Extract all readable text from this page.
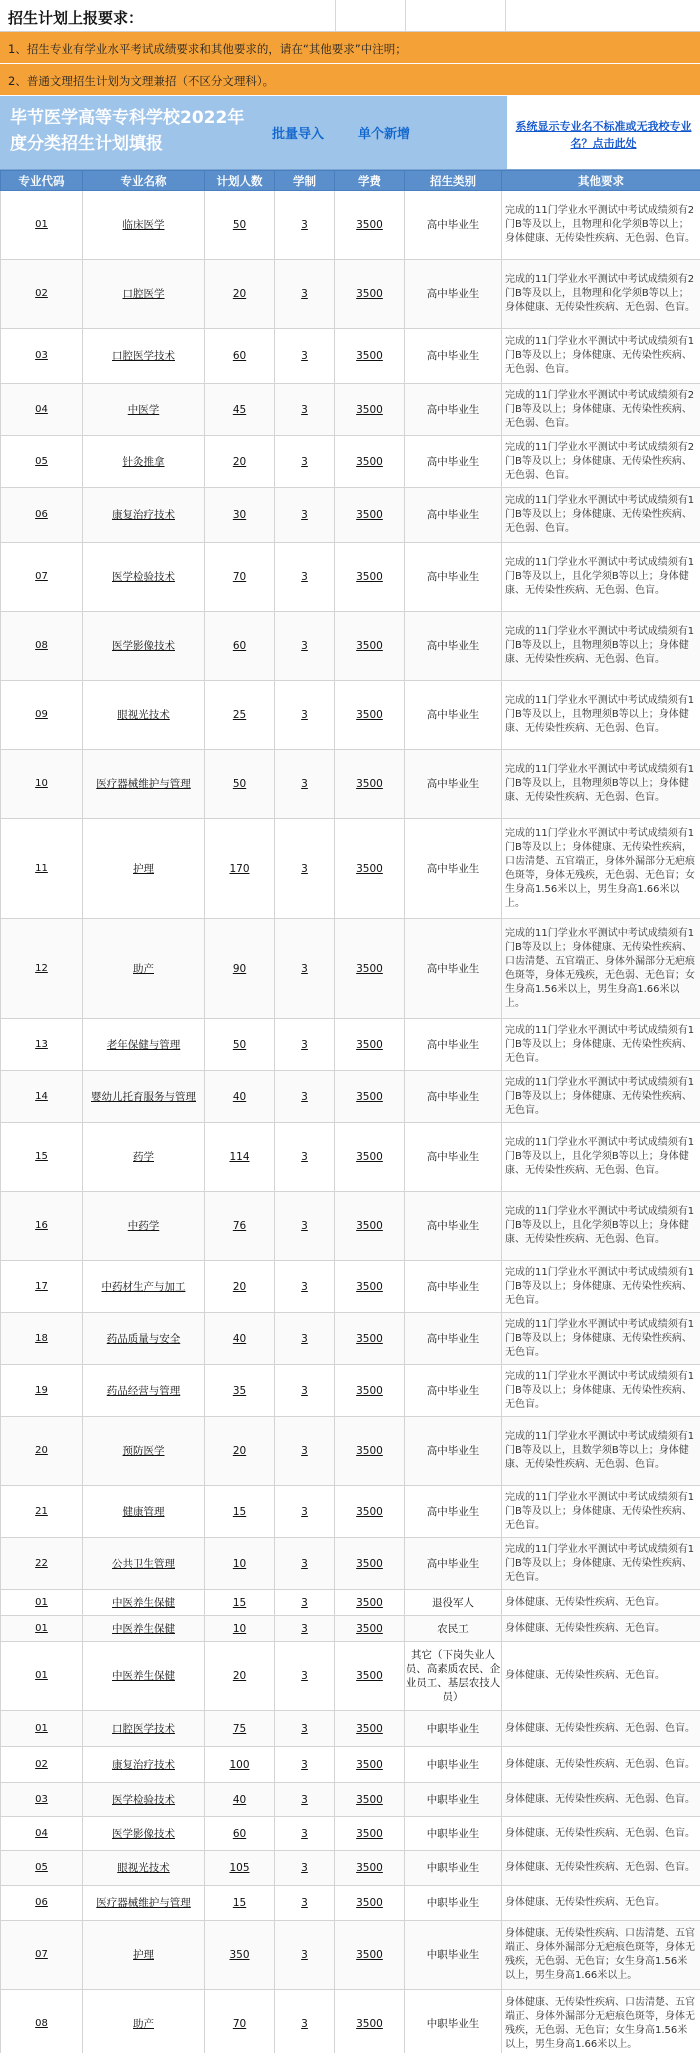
招生计划上报要求：
1、招生专业有学业水平考试成绩要求和其他要求的，请在“其他要求”中注明；
2、普通文理招生计划为文理兼招（不区分文理科）。
毕节医学高等专科学校2022年度分类招生计划填报	批量导入	单个新增
系统显示专业名不标准或无我校专业名？点击此处
专业代码	专业名称	计划人数	学制	学费	招生类别	其他要求
01	临床医学	50	3	3500	高中毕业生	完成的11门学业水平测试中考试成绩须有2门B等及以上，且物理和化学须B等以上；身体健康、无传染性疾病、无色弱、色盲。
02	口腔医学	20	3	3500	高中毕业生	完成的11门学业水平测试中考试成绩须有2门B等及以上，且物理和化学须B等以上；身体健康、无传染性疾病、无色弱、色盲。
03	口腔医学技术	60	3	3500	高中毕业生	完成的11门学业水平测试中考试成绩须有1门B等及以上；身体健康、无传染性疾病、无色弱、色盲。
04	中医学	45	3	3500	高中毕业生	完成的11门学业水平测试中考试成绩须有2门B等及以上；身体健康、无传染性疾病、无色弱、色盲。
05	针灸推拿	20	3	3500	高中毕业生	完成的11门学业水平测试中考试成绩须有2门B等及以上；身体健康、无传染性疾病、无色弱、色盲。
06	康复治疗技术	30	3	3500	高中毕业生	完成的11门学业水平测试中考试成绩须有1门B等及以上；身体健康、无传染性疾病、无色弱、色盲。
07	医学检验技术	70	3	3500	高中毕业生	完成的11门学业水平测试中考试成绩须有1门B等及以上，且化学须B等以上；身体健康、无传染性疾病、无色弱、色盲。
08	医学影像技术	60	3	3500	高中毕业生	完成的11门学业水平测试中考试成绩须有1门B等及以上，且物理须B等以上；身体健康、无传染性疾病、无色弱、色盲。
09	眼视光技术	25	3	3500	高中毕业生	完成的11门学业水平测试中考试成绩须有1门B等及以上，且物理须B等以上；身体健康、无传染性疾病、无色弱、色盲。
10	医疗器械维护与管理	50	3	3500	高中毕业生	完成的11门学业水平测试中考试成绩须有1门B等及以上，且物理须B等以上；身体健康、无传染性疾病、无色弱、色盲。
11	护理	170	3	3500	高中毕业生	完成的11门学业水平测试中考试成绩须有1门B等及以上；身体健康、无传染性疾病，口齿清楚、五官端正，身体外漏部分无疤痕色斑等，身体无残疾，无色弱、无色盲；女生身高1.56米以上，男生身高1.66米以上。
12	助产	90	3	3500	高中毕业生	完成的11门学业水平测试中考试成绩须有1门B等及以上；身体健康、无传染性疾病、口齿清楚、五官端正、身体外漏部分无疤痕色斑等，身体无残疾，无色弱、无色盲；女生身高1.56米以上，男生身高1.66米以上。
13	老年保健与管理	50	3	3500	高中毕业生	完成的11门学业水平测试中考试成绩须有1门B等及以上；身体健康、无传染性疾病、无色盲。
14	婴幼儿托育服务与管理	40	3	3500	高中毕业生	完成的11门学业水平测试中考试成绩须有1门B等及以上；身体健康、无传染性疾病、无色盲。
15	药学	114	3	3500	高中毕业生	完成的11门学业水平测试中考试成绩须有1门B等及以上，且化学须B等以上；身体健康、无传染性疾病、无色弱、色盲。
16	中药学	76	3	3500	高中毕业生	完成的11门学业水平测试中考试成绩须有1门B等及以上，且化学须B等以上；身体健康、无传染性疾病、无色弱、色盲。
17	中药材生产与加工	20	3	3500	高中毕业生	完成的11门学业水平测试中考试成绩须有1门B等及以上；身体健康、无传染性疾病、无色盲。
18	药品质量与安全	40	3	3500	高中毕业生	完成的11门学业水平测试中考试成绩须有1门B等及以上；身体健康、无传染性疾病、无色盲。
19	药品经营与管理	35	3	3500	高中毕业生	完成的11门学业水平测试中考试成绩须有1门B等及以上；身体健康、无传染性疾病、无色盲。
20	预防医学	20	3	3500	高中毕业生	完成的11门学业水平测试中考试成绩须有1门B等及以上，且数学须B等以上；身体健康、无传染性疾病、无色弱、色盲。
21	健康管理	15	3	3500	高中毕业生	完成的11门学业水平测试中考试成绩须有1门B等及以上；身体健康、无传染性疾病、无色盲。
22	公共卫生管理	10	3	3500	高中毕业生	完成的11门学业水平测试中考试成绩须有1门B等及以上；身体健康、无传染性疾病、无色盲。
01	中医养生保健	15	3	3500	退役军人	身体健康、无传染性疾病、无色盲。
01	中医养生保健	10	3	3500	农民工	身体健康、无传染性疾病、无色盲。
01	中医养生保健	20	3	3500	其它（下岗失业人员、高素质农民、企业员工、基层农技人员）	身体健康、无传染性疾病、无色盲。
01	口腔医学技术	75	3	3500	中职毕业生	身体健康、无传染性疾病、无色弱、色盲。
02	康复治疗技术	100	3	3500	中职毕业生	身体健康、无传染性疾病、无色弱、色盲。
03	医学检验技术	40	3	3500	中职毕业生	身体健康、无传染性疾病、无色弱、色盲。
04	医学影像技术	60	3	3500	中职毕业生	身体健康、无传染性疾病、无色弱、色盲。
05	眼视光技术	105	3	3500	中职毕业生	身体健康、无传染性疾病、无色弱、色盲。
06	医疗器械维护与管理	15	3	3500	中职毕业生	身体健康、无传染性疾病、无色盲。
07	护理	350	3	3500	中职毕业生	身体健康、无传染性疾病、口齿清楚、五官端正、身体外漏部分无疤痕色斑等，身体无残疾，无色弱、无色盲；女生身高1.56米以上，男生身高1.66米以上。
08	助产	70	3	3500	中职毕业生	身体健康、无传染性疾病、口齿清楚、五官端正、身体外漏部分无疤痕色斑等，身体无残疾，无色弱、无色盲；女生身高1.56米以上，男生身高1.66米以上。
